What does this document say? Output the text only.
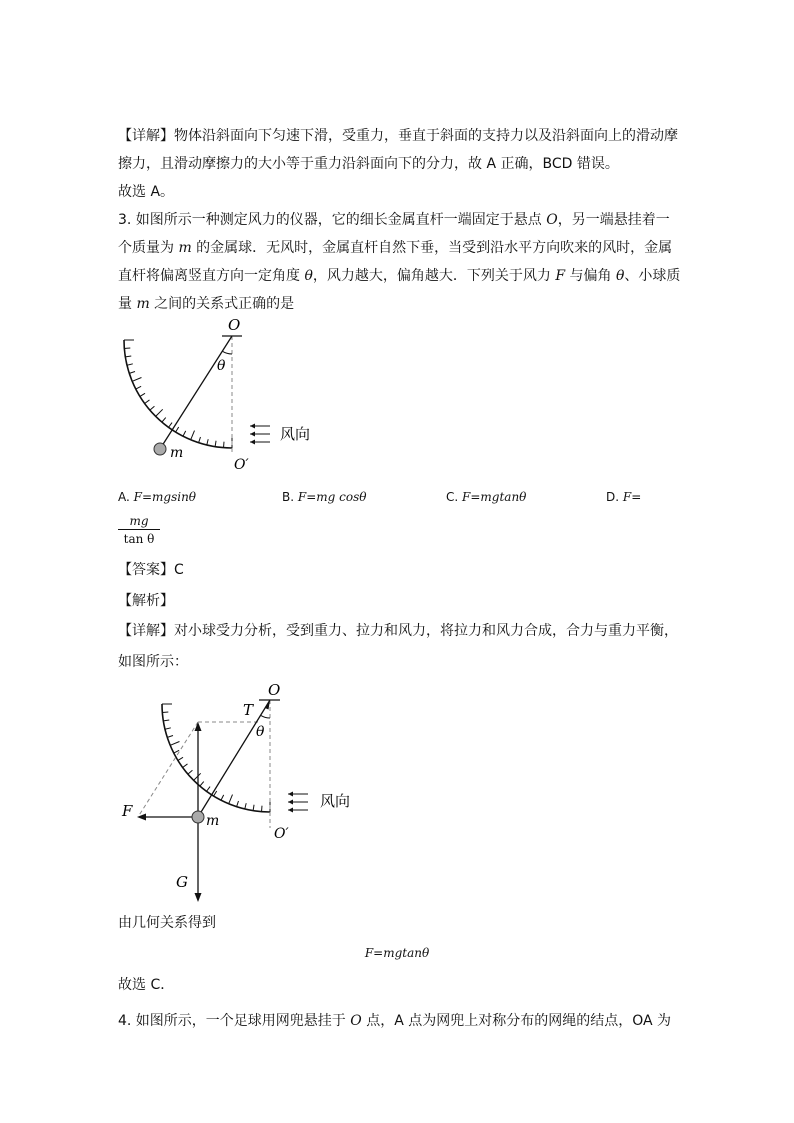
【详解】物体沿斜面向下匀速下滑，受重力，垂直于斜面的支持力以及沿斜面向上的滑动摩
擦力，且滑动摩擦力的大小等于重力沿斜面向下的分力，故 A 正确，BCD 错误。
故选 A。
3. 如图所示一种测定风力的仪器，它的细长金属直杆一端固定于悬点 O，另一端悬挂着一
个质量为 m 的金属球．无风时，金属直杆自然下垂，当受到沿水平方向吹来的风时，金属
直杆将偏离竖直方向一定角度 θ，风力越大，偏角越大．下列关于风力 F 与偏角 θ、小球质
量 m 之间的关系式正确的是
O
θ
m
O′
风向
A. F=mgsinθ	B. F=mg cosθ	C. F=mgtanθ	D. F=
$\frac{mg}{\text{tan θ}}$
【答案】C
【解析】
【详解】对小球受力分析，受到重力、拉力和风力，将拉力和风力合成，合力与重力平衡，
如图所示：
O
T
θ
F
m
G
O′
风向
由几何关系得到
F=mgtanθ
故选 C．
4. 如图所示，一个足球用网兜悬挂于 O 点，A 点为网兜上对称分布的网绳的结点，OA 为
